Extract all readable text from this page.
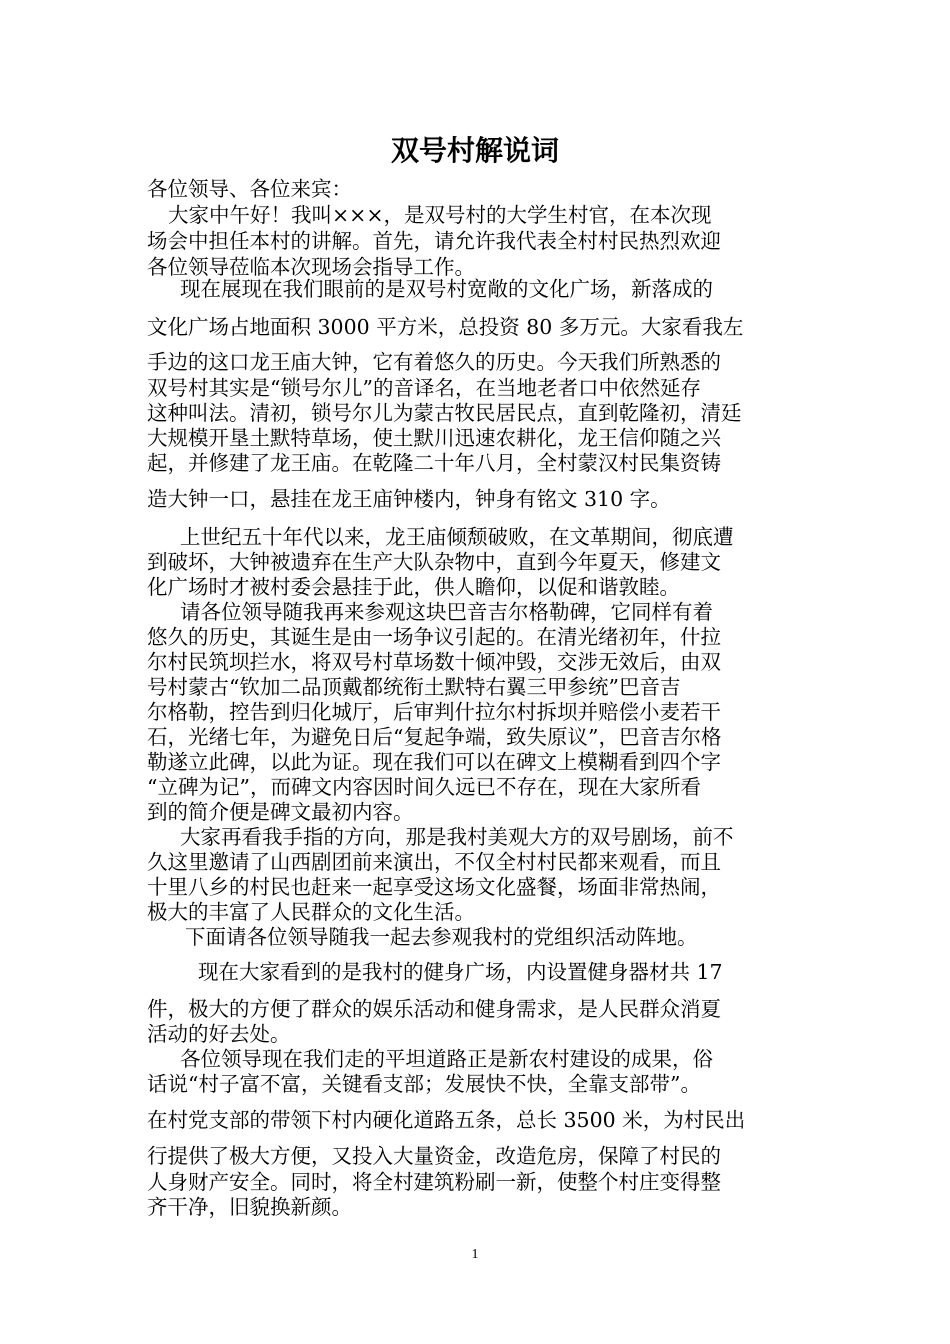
双号村解说词
各位领导、各位来宾：
大家中午好！我叫×××，是双号村的大学生村官，在本次现
场会中担任本村的讲解。首先，请允许我代表全村村民热烈欢迎
各位领导莅临本次现场会指导工作。
现在展现在我们眼前的是双号村宽敞的文化广场，新落成的
文化广场占地面积 3000 平方米，总投资 80 多万元。大家看我左
手边的这口龙王庙大钟，它有着悠久的历史。今天我们所熟悉的
双号村其实是“锁号尔儿”的音译名，在当地老者口中依然延存
这种叫法。清初，锁号尔儿为蒙古牧民居民点，直到乾隆初，清廷
大规模开垦土默特草场，使土默川迅速农耕化，龙王信仰随之兴
起，并修建了龙王庙。在乾隆二十年八月，全村蒙汉村民集资铸
造大钟一口，悬挂在龙王庙钟楼内，钟身有铭文 310 字。
上世纪五十年代以来，龙王庙倾颓破败，在文革期间，彻底遭
到破坏，大钟被遗弃在生产大队杂物中，直到今年夏天，修建文
化广场时才被村委会悬挂于此，供人瞻仰，以促和谐敦睦。
请各位领导随我再来参观这块巴音吉尔格勒碑，它同样有着
悠久的历史，其诞生是由一场争议引起的。在清光绪初年，什拉
尔村民筑坝拦水，将双号村草场数十倾冲毁，交涉无效后，由双
号村蒙古“钦加二品顶戴都统衔土默特右翼三甲参统”巴音吉
尔格勒，控告到归化城厅，后审判什拉尔村拆坝并赔偿小麦若干
石，光绪七年，为避免日后“复起争端，致失原议”，巴音吉尔格
勒遂立此碑，以此为证。现在我们可以在碑文上模糊看到四个字
“立碑为记”，而碑文内容因时间久远已不存在，现在大家所看
到的简介便是碑文最初内容。
大家再看我手指的方向，那是我村美观大方的双号剧场，前不
久这里邀请了山西剧团前来演出，不仅全村村民都来观看，而且
十里八乡的村民也赶来一起享受这场文化盛餐，场面非常热闹，
极大的丰富了人民群众的文化生活。
下面请各位领导随我一起去参观我村的党组织活动阵地。
现在大家看到的是我村的健身广场，内设置健身器材共 17
件，极大的方便了群众的娱乐活动和健身需求，是人民群众消夏
活动的好去处。
各位领导现在我们走的平坦道路正是新农村建设的成果，俗
话说“村子富不富，关键看支部；发展快不快，全靠支部带”。
在村党支部的带领下村内硬化道路五条，总长 3500 米，为村民出
行提供了极大方便，又投入大量资金，改造危房，保障了村民的
人身财产安全。同时，将全村建筑粉刷一新，使整个村庄变得整
齐干净，旧貌换新颜。
1
